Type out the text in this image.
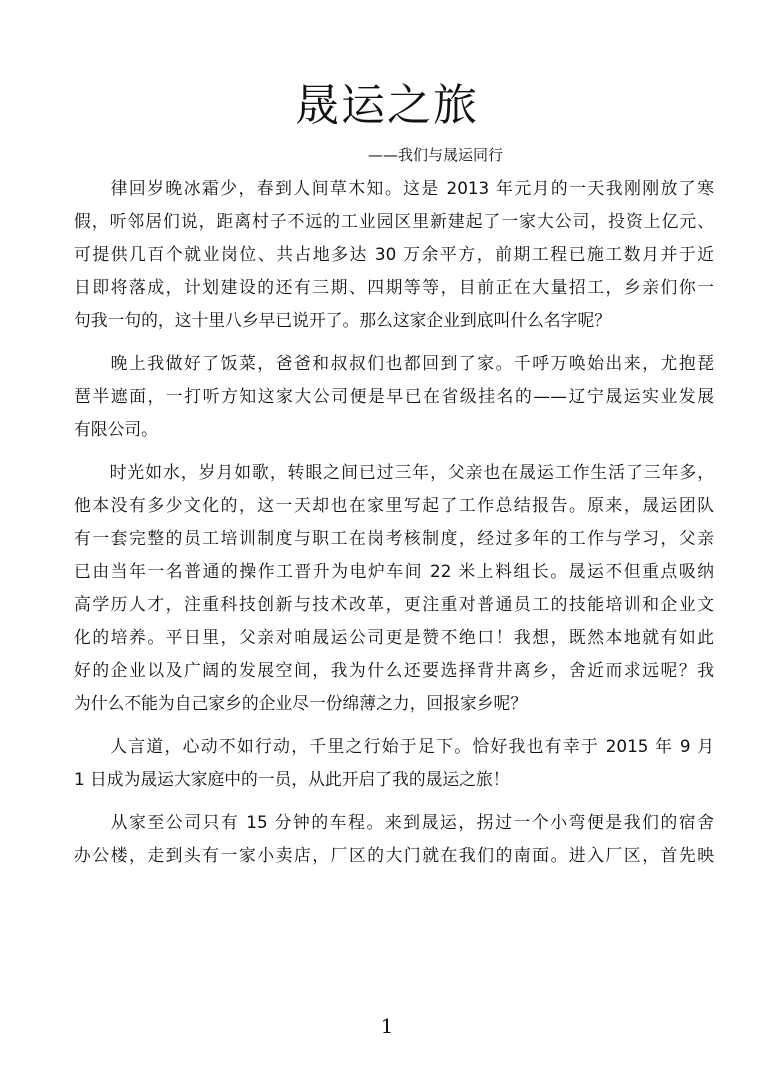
晟运之旅
——我们与晟运同行
　　律回岁晚冰霜少，春到人间草木知。这是 2013 年元月的一天我刚刚放了寒
假，听邻居们说，距离村子不远的工业园区里新建起了一家大公司，投资上亿元、
可提供几百个就业岗位、共占地多达 30 万余平方，前期工程已施工数月并于近
日即将落成，计划建设的还有三期、四期等等，目前正在大量招工，乡亲们你一
句我一句的，这十里八乡早已说开了。那么这家企业到底叫什么名字呢？
　　晚上我做好了饭菜，爸爸和叔叔们也都回到了家。千呼万唤始出来，尤抱琵
琶半遮面，一打听方知这家大公司便是早已在省级挂名的——辽宁晟运实业发展
有限公司。
　　时光如水，岁月如歌，转眼之间已过三年，父亲也在晟运工作生活了三年多，
他本没有多少文化的，这一天却也在家里写起了工作总结报告。原来，晟运团队
有一套完整的员工培训制度与职工在岗考核制度，经过多年的工作与学习，父亲
已由当年一名普通的操作工晋升为电炉车间 22 米上料组长。晟运不但重点吸纳
高学历人才，注重科技创新与技术改革，更注重对普通员工的技能培训和企业文
化的培养。平日里，父亲对咱晟运公司更是赞不绝口！我想，既然本地就有如此
好的企业以及广阔的发展空间，我为什么还要选择背井离乡，舍近而求远呢？我
为什么不能为自己家乡的企业尽一份绵薄之力，回报家乡呢？
　　人言道，心动不如行动，千里之行始于足下。恰好我也有幸于 2015 年 9 月
1 日成为晟运大家庭中的一员，从此开启了我的晟运之旅！
　　从家至公司只有 15 分钟的车程。来到晟运，拐过一个小弯便是我们的宿舍
办公楼，走到头有一家小卖店，厂区的大门就在我们的南面。进入厂区，首先映
1
